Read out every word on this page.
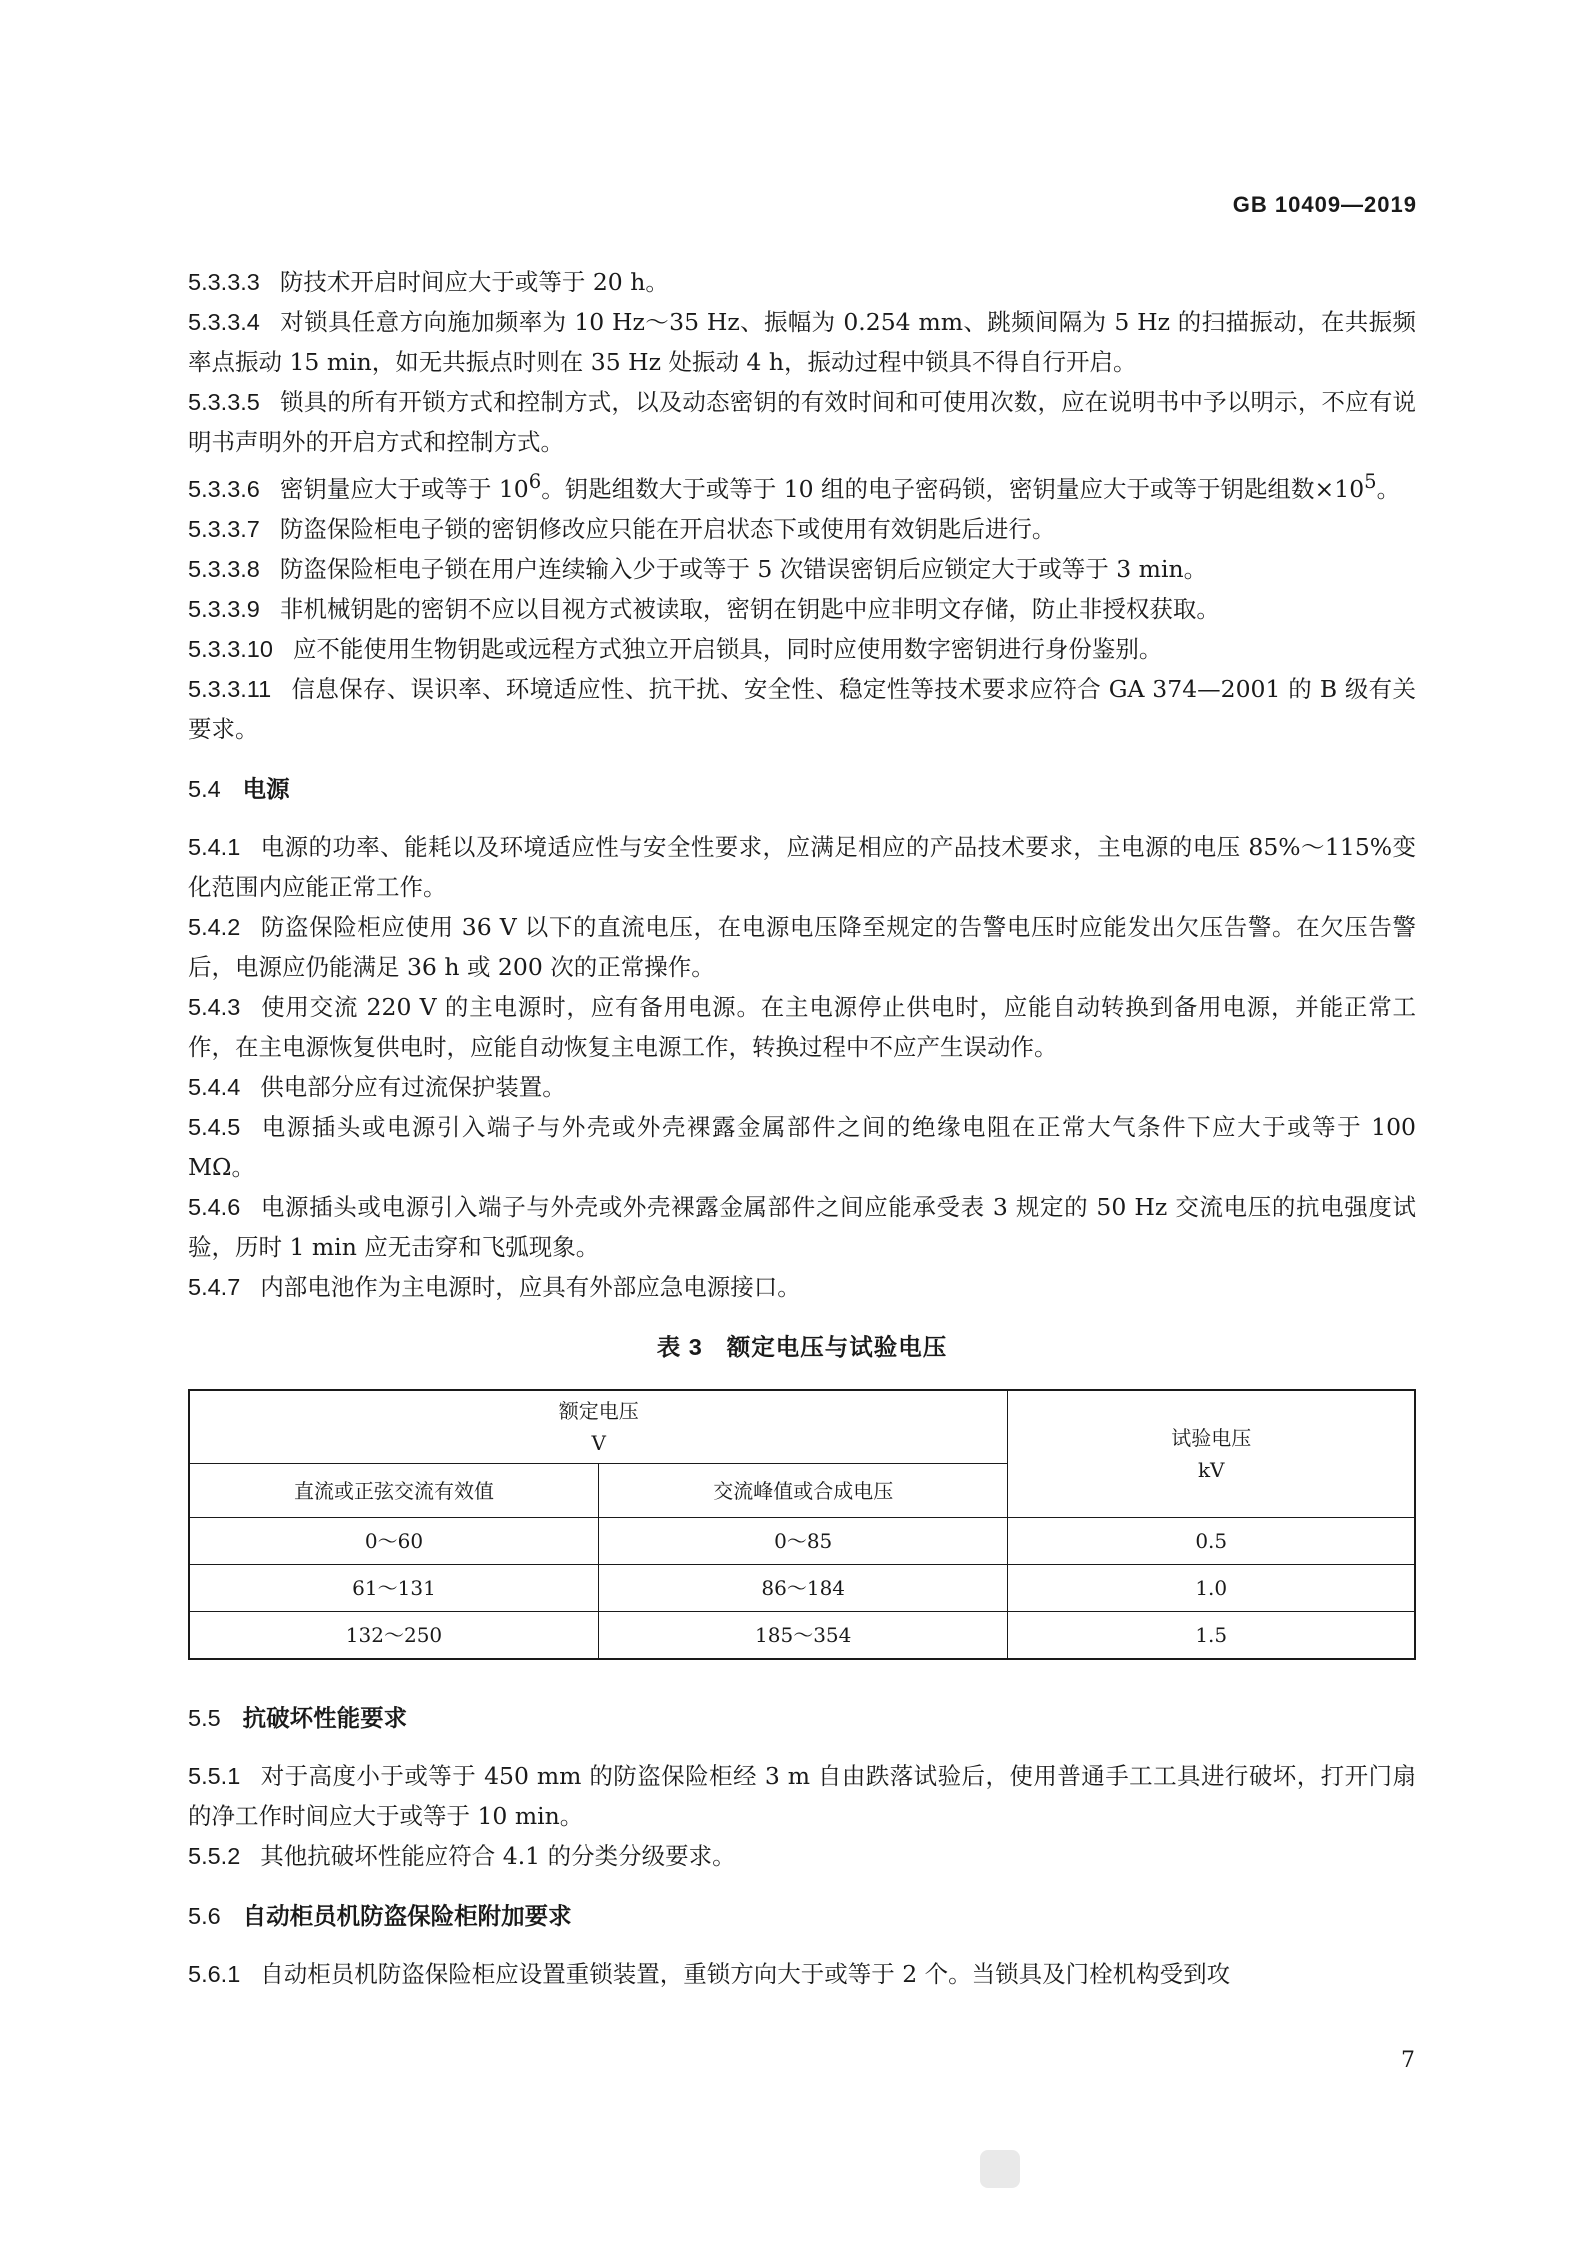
GB 10409—2019

5.3.3.3 防技术开启时间应大于或等于 20 h。

5.3.3.4 对锁具任意方向施加频率为 10 Hz～35 Hz、振幅为 0.254 mm、跳频间隔为 5 Hz 的扫描振动，在共振频率点振动 15 min，如无共振点时则在 35 Hz 处振动 4 h，振动过程中锁具不得自行开启。

5.3.3.5 锁具的所有开锁方式和控制方式，以及动态密钥的有效时间和可使用次数，应在说明书中予以明示，不应有说明书声明外的开启方式和控制方式。

5.3.3.6 密钥量应大于或等于 $10^6$。钥匙组数大于或等于 10 组的电子密码锁，密钥量应大于或等于钥匙组数$\times 10^5$。

5.3.3.7 防盗保险柜电子锁的密钥修改应只能在开启状态下或使用有效钥匙后进行。

5.3.3.8 防盗保险柜电子锁在用户连续输入少于或等于 5 次错误密钥后应锁定大于或等于 3 min。

5.3.3.9 非机械钥匙的密钥不应以目视方式被读取，密钥在钥匙中应非明文存储，防止非授权获取。

5.3.3.10 应不能使用生物钥匙或远程方式独立开启锁具，同时应使用数字密钥进行身份鉴别。

5.3.3.11 信息保存、误识率、环境适应性、抗干扰、安全性、稳定性等技术要求应符合 GA 374—2001 的 B 级有关要求。

5.4 电源

5.4.1 电源的功率、能耗以及环境适应性与安全性要求，应满足相应的产品技术要求，主电源的电压 85%～115%变化范围内应能正常工作。

5.4.2 防盗保险柜应使用 36 V 以下的直流电压，在电源电压降至规定的告警电压时应能发出欠压告警。在欠压告警后，电源应仍能满足 36 h 或 200 次的正常操作。

5.4.3 使用交流 220 V 的主电源时，应有备用电源。在主电源停止供电时，应能自动转换到备用电源，并能正常工作，在主电源恢复供电时，应能自动恢复主电源工作，转换过程中不应产生误动作。

5.4.4 供电部分应有过流保护装置。

5.4.5 电源插头或电源引入端子与外壳或外壳裸露金属部件之间的绝缘电阻在正常大气条件下应大于或等于 100 MΩ。

5.4.6 电源插头或电源引入端子与外壳或外壳裸露金属部件之间应能承受表 3 规定的 50 Hz 交流电压的抗电强度试验，历时 1 min 应无击穿和飞弧现象。

5.4.7 内部电池作为主电源时，应具有外部应急电源接口。

表 3 额定电压与试验电压
额定电压
V		试验电压
kV

直流或正弦交流有效值	交流峰值或合成电压	
0～60	0～85	0.5
61～131	86～184	1.0
132～250	185～354	1.5
5.5 抗破坏性能要求

5.5.1 对于高度小于或等于 450 mm 的防盗保险柜经 3 m 自由跌落试验后，使用普通手工工具进行破坏，打开门扇的净工作时间应大于或等于 10 min。

5.5.2 其他抗破坏性能应符合 4.1 的分类分级要求。

5.6 自动柜员机防盗保险柜附加要求

5.6.1 自动柜员机防盗保险柜应设置重锁装置，重锁方向大于或等于 2 个。当锁具及门栓机构受到攻

7
